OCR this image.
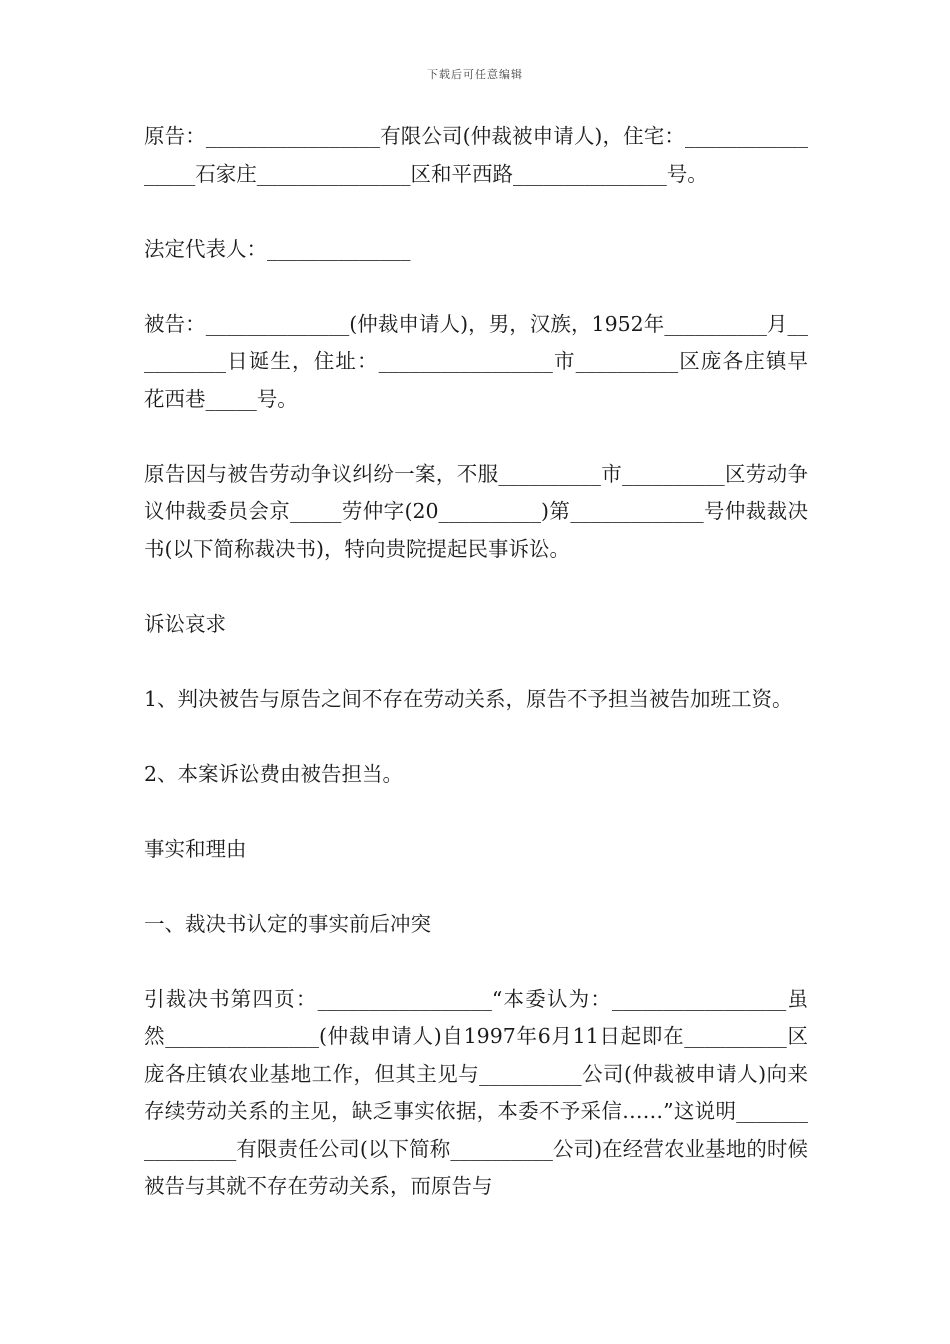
下载后可任意编辑

原告：_________________有限公司(仲裁被申请人)，住宅：_________________石家庄_______________区和平西路_______________号。

法定代表人：______________

被告：______________(仲裁申请人)，男，汉族，1952年__________月__________日诞生，住址：_________________市__________区庞各庄镇早花西巷_____号。

原告因与被告劳动争议纠纷一案，不服__________市__________区劳动争议仲裁委员会京_____劳仲字(20__________)第_____________号仲裁裁决书(以下简称裁决书)，特向贵院提起民事诉讼。

诉讼哀求

1、判决被告与原告之间不存在劳动关系，原告不予担当被告加班工资。

2、本案诉讼费由被告担当。

事实和理由

一、裁决书认定的事实前后冲突

引裁决书第四页：_________________“本委认为：_________________虽然_______________(仲裁申请人)自1997年6月11日起即在__________区庞各庄镇农业基地工作，但其主见与__________公司(仲裁被申请人)向来存续劳动关系的主见，缺乏事实依据，本委不予采信……”这说明________________有限责任公司(以下简称__________公司)在经营农业基地的时候被告与其就不存在劳动关系，而原告与
